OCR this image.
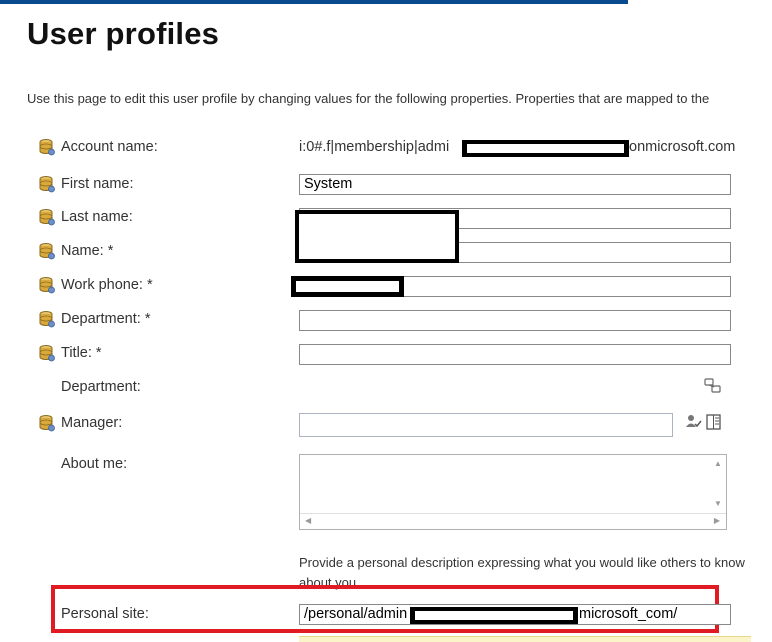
User profiles
Use this page to edit this user profile by changing values for the following properties. Properties that are mapped to the
Account name:	i:0#.f|membership|admi	onmicrosoft.com
First name:	System
Last name:
Name: *
Work phone: *
Department: *
Title: *
Department:
Manager:
About me:	▲
▼
◀	▶
Provide a personal description expressing what you would like others to know about you.
Personal site:	/personal/admin	microsoft_com/
